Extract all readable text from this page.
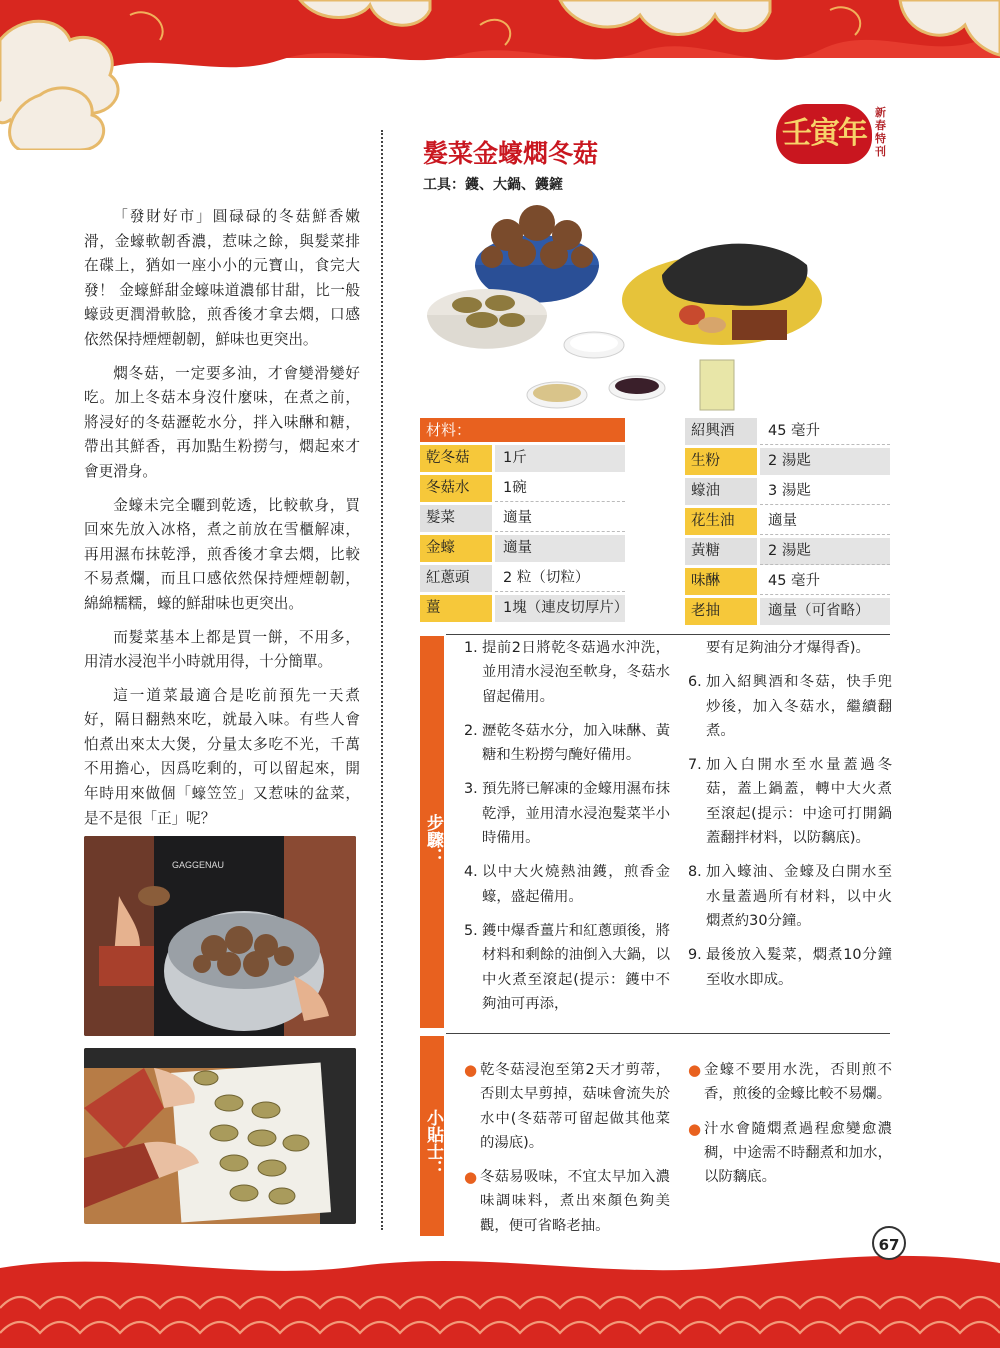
壬寅年
新春特刊

「發財好市」圓碌碌的冬菇鮮香嫩滑，金蠔軟韌香濃，惹味之餘，與髮菜排在碟上，猶如一座小小的元寶山，食完大發！ 金蠔鮮甜金蠔味道濃郁甘甜，比一般蠔豉更潤滑軟腍，煎香後才拿去燜，口感依然保持煙煙韌韌，鮮味也更突出。

燜冬菇，一定要多油，才會變滑變好吃。加上冬菇本身沒什麼味，在煮之前，將浸好的冬菇瀝乾水分，拌入味醂和糖，帶出其鮮香，再加點生粉撈勻，燜起來才會更滑身。

金蠔未完全曬到乾透，比較軟身，買回來先放入冰格，煮之前放在雪櫃解凍，再用濕布抹乾淨，煎香後才拿去燜，比較不易煮爛，而且口感依然保持煙煙韌韌，綿綿糯糯，蠔的鮮甜味也更突出。

而髮菜基本上都是買一餅，不用多，用清水浸泡半小時就用得，十分簡單。

這一道菜最適合是吃前預先一天煮好，隔日翻熱來吃，就最入味。有些人會怕煮出來太大煲，分量太多吃不光，千萬不用擔心，因爲吃剩的，可以留起來，開年時用來做個「蠔笠笠」又惹味的盆菜，是不是很「正」呢？

GAGGENAU
髮菜金蠔燜冬菇
工具：鑊、大鍋、鑊鏟
材料：
乾冬菇	1斤
冬菇水	1碗
髮菜	適量
金蠔	適量
紅蔥頭	2 粒（切粒）
薑	1塊（連皮切厚片）
紹興酒	45 毫升
生粉	2 湯匙
蠔油	3 湯匙
花生油	適量
黃糖	2 湯匙
味醂	45 毫升
老抽	適量（可省略）
步驟：
1. 提前2日將乾冬菇過水沖洗，並用清水浸泡至軟身，冬菇水留起備用。
2. 瀝乾冬菇水分，加入味醂、黃糖和生粉撈勻醃好備用。
3. 預先將已解凍的金蠔用濕布抹乾淨，並用清水浸泡髮菜半小時備用。
4. 以中大火燒熱油鑊，煎香金蠔，盛起備用。
5. 鑊中爆香薑片和紅蔥頭後，將材料和剩餘的油倒入大鍋，以中火煮至滾起(提示：鑊中不夠油可再添，
要有足夠油分才爆得香)。
6. 加入紹興酒和冬菇，快手兜炒後，加入冬菇水，繼續翻煮。
7. 加入白開水至水量蓋過冬菇，蓋上鍋蓋，轉中大火煮至滾起(提示：中途可打開鍋蓋翻拌材料，以防黐底)。
8. 加入蠔油、金蠔及白開水至水量蓋過所有材料，以中火燜煮約30分鐘。
9. 最後放入髮菜，燜煮10分鐘至收水即成。
小貼士：
● 乾冬菇浸泡至第2天才剪蒂，否則太早剪掉，菇味會流失於水中(冬菇蒂可留起做其他菜的湯底)。
● 冬菇易吸味，不宜太早加入濃味調味料，煮出來顏色夠美觀，便可省略老抽。
● 金蠔不要用水洗，否則煎不香，煎後的金蠔比較不易爛。
● 汁水會隨燜煮過程愈變愈濃稠，中途需不時翻煮和加水，以防黐底。
67
